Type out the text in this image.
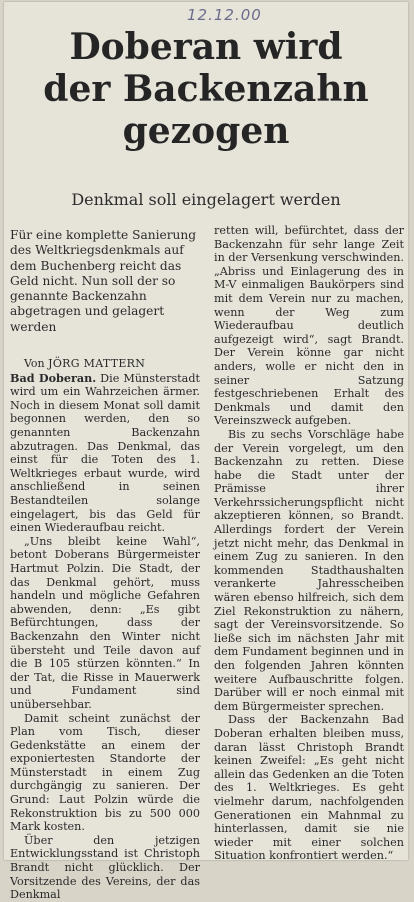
12.12.00
Doberan wird
der Backenzahn
gezogen
Denkmal soll eingelagert werden

Für eine komplette Sanierung des Weltkriegsdenkmals auf dem Buchenberg reicht das Geld nicht. Nun soll der so genannte Backenzahn abgetragen und gelagert werden

Von JÖRG MATTERN

Bad Doberan. Die Münsterstadt wird um ein Wahrzeichen ärmer. Noch in diesem Monat soll damit begonnen werden, den so genannten Backenzahn abzutragen. Das Denkmal, das einst für die Toten des 1. Weltkrieges erbaut wurde, wird anschließend in seinen Bestandteilen solange eingelagert, bis das Geld für einen Wiederaufbau reicht.

„Uns bleibt keine Wahl“, betont Doberans Bürgermeister Hartmut Polzin. Die Stadt, der das Denkmal gehört, muss handeln und mögliche Gefahren abwenden, denn: „Es gibt Befürchtungen, dass der Backenzahn den Winter nicht übersteht und Teile davon auf die B 105 stürzen könnten.“ In der Tat, die Risse in Mauerwerk und Fundament sind unübersehbar.

Damit scheint zunächst der Plan vom Tisch, dieser Gedenkstätte an einem der exponiertesten Standorte der Münsterstadt in einem Zug durchgängig zu sanieren. Der Grund: Laut Polzin würde die Rekonstruktion bis zu 500 000 Mark kosten.

Über den jetzigen Entwicklungsstand ist Christoph Brandt nicht glücklich. Der Vorsitzende des Vereins, der das Denkmal

retten will, befürchtet, dass der Backenzahn für sehr lange Zeit in der Versenkung verschwinden. „Abriss und Einlagerung des in M-V einmaligen Baukörpers sind mit dem Verein nur zu machen, wenn der Weg zum Wiederaufbau deutlich aufgezeigt wird“, sagt Brandt. Der Verein könne gar nicht anders, wolle er nicht den in seiner Satzung festgeschriebenen Erhalt des Denkmals und damit den Vereinszweck aufgeben.

Bis zu sechs Vorschläge habe der Verein vorgelegt, um den Backenzahn zu retten. Diese habe die Stadt unter der Prämisse ihrer Verkehrssicherungspflicht nicht akzeptieren können, so Brandt. Allerdings fordert der Verein jetzt nicht mehr, das Denkmal in einem Zug zu sanieren. In den kommenden Stadthaushalten verankerte Jahresscheiben wären ebenso hilfreich, sich dem Ziel Rekonstruktion zu nähern, sagt der Vereinsvorsitzende. So ließe sich im nächsten Jahr mit dem Fundament beginnen und in den folgenden Jahren könnten weitere Aufbauschritte folgen. Darüber will er noch einmal mit dem Bürgermeister sprechen.

Dass der Backenzahn Bad Doberan erhalten bleiben muss, daran lässt Christoph Brandt keinen Zweifel: „Es geht nicht allein das Gedenken an die Toten des 1. Weltkrieges. Es geht vielmehr darum, nachfolgenden Generationen ein Mahnmal zu hinterlassen, damit sie nie wieder mit einer solchen Situation konfrontiert werden.“
